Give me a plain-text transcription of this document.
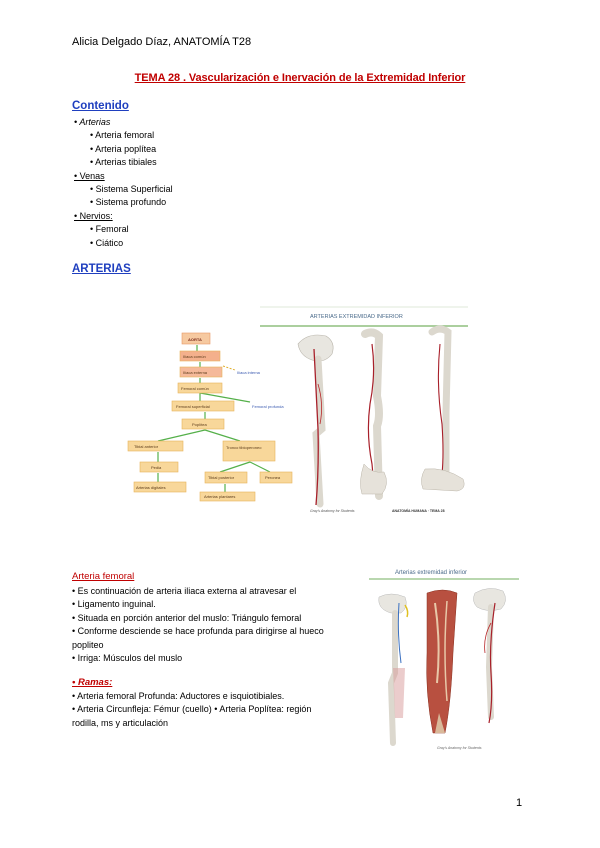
Alicia Delgado Díaz, ANATOMÍA T28
TEMA 28 . Vascularización e Inervación de la Extremidad Inferior
Contenido
• Arterias
• Arteria femoral
• Arteria poplítea
• Arterias tibiales
• Venas
• Sistema Superficial
• Sistema profundo
• Nervios:
• Femoral
• Ciático
ARTERIAS
ARTERIAS EXTREMIDAD INFERIOR
AORTA
Ilíaca común
Ilíaca externa	Ilíaca interna
Femoral común
Femoral superficial	Femoral profunda
Poplítea
Tibial anterior	Tronco tibioperoneo
Pedia
Tibial posterior	Peronea
Arterias digitales
Arterias plantares
Gray's Anatomy for Students	ANATOMÍA HUMANA · TEMA 28
Arteria femoral
• Es continuación de arteria iliaca externa al atravesar el
• Ligamento inguinal.
• Situada en porción anterior del muslo: Triángulo femoral
• Conforme desciende se hace profunda para dirigirse al hueco
popliteo
• Irriga: Músculos del muslo
• Ramas:
• Arteria femoral Profunda: Aductores e isquiotibiales.
• Arteria Circunfleja: Fémur (cuello) • Arteria Poplítea: región
rodilla, ms y articulación
Arterias extremidad inferior
Gray's Anatomy for Students
1
